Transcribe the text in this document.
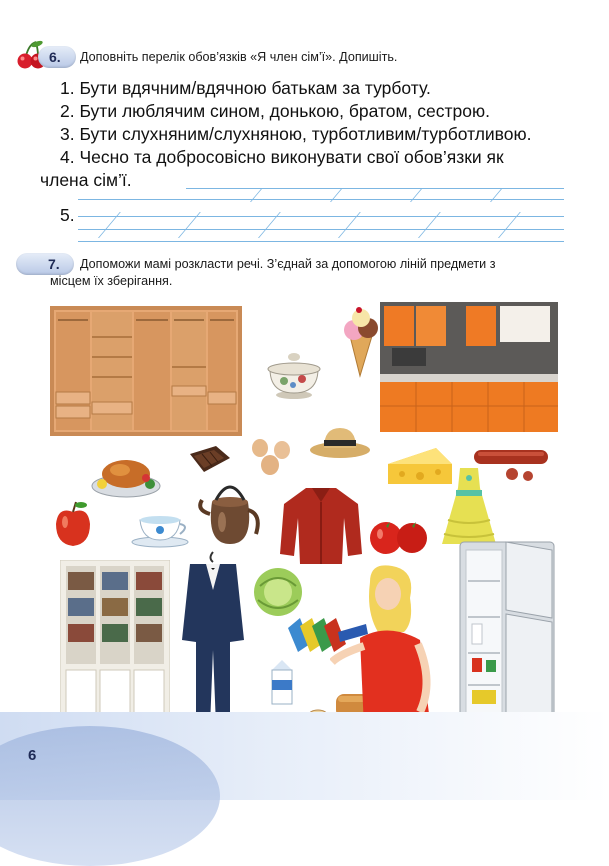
6. Доповніть перелік обов’язків «Я член сім’ї». Допишіть.
1. Бути вдячним/вдячною батькам за турботу.
2. Бути люблячим сином, донькою, братом, сестрою.
3. Бути слухняним/слухняною, турботливим/турботливою.
4. Чесно та добросовісно виконувати свої обов’язки як
члена сім’ї.
5.
7. Допоможи мамі розкласти речі. З’єднай за допомогою ліній предмети з
місцем їх зберігання.
6
